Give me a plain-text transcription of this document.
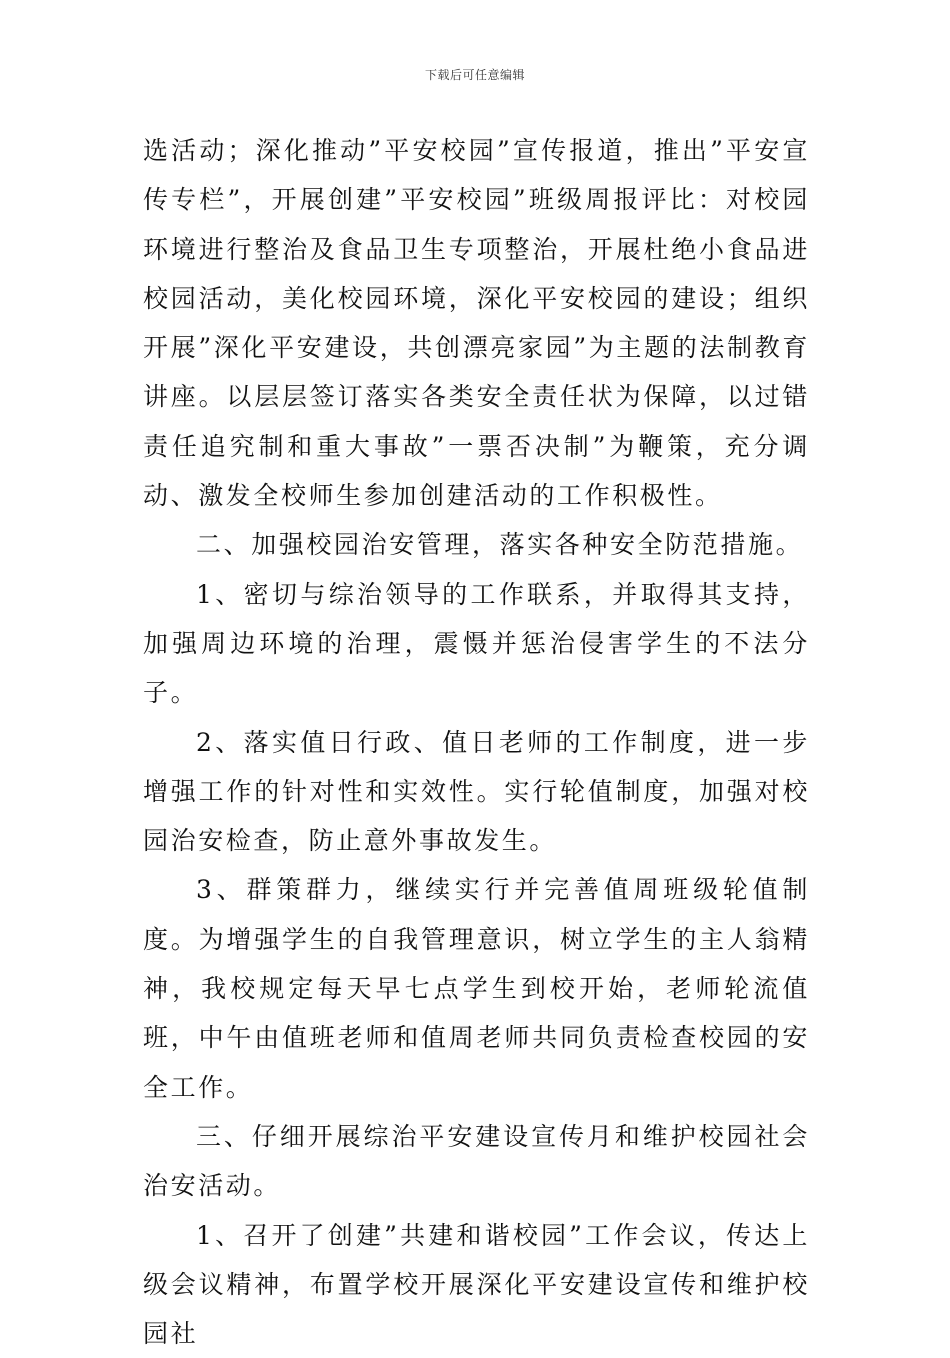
下载后可任意编辑

选活动；深化推动”平安校园”宣传报道，推出”平安宣传专栏”，开展创建”平安校园”班级周报评比：对校园环境进行整治及食品卫生专项整治，开展杜绝小食品进校园活动，美化校园环境，深化平安校园的建设；组织开展”深化平安建设，共创漂亮家园”为主题的法制教育讲座。以层层签订落实各类安全责任状为保障，以过错责任追究制和重大事故”一票否决制”为鞭策，充分调动、激发全校师生参加创建活动的工作积极性。

二、加强校园治安管理，落实各种安全防范措施。

1、密切与综治领导的工作联系，并取得其支持，加强周边环境的治理，震慑并惩治侵害学生的不法分子。

2、落实值日行政、值日老师的工作制度，进一步增强工作的针对性和实效性。实行轮值制度，加强对校园治安检查，防止意外事故发生。

3、群策群力，继续实行并完善值周班级轮值制度。为增强学生的自我管理意识，树立学生的主人翁精神，我校规定每天早七点学生到校开始，老师轮流值班，中午由值班老师和值周老师共同负责检查校园的安全工作。

三、仔细开展综治平安建设宣传月和维护校园社会治安活动。

1、召开了创建”共建和谐校园”工作会议，传达上级会议精神，布置学校开展深化平安建设宣传和维护校园社
